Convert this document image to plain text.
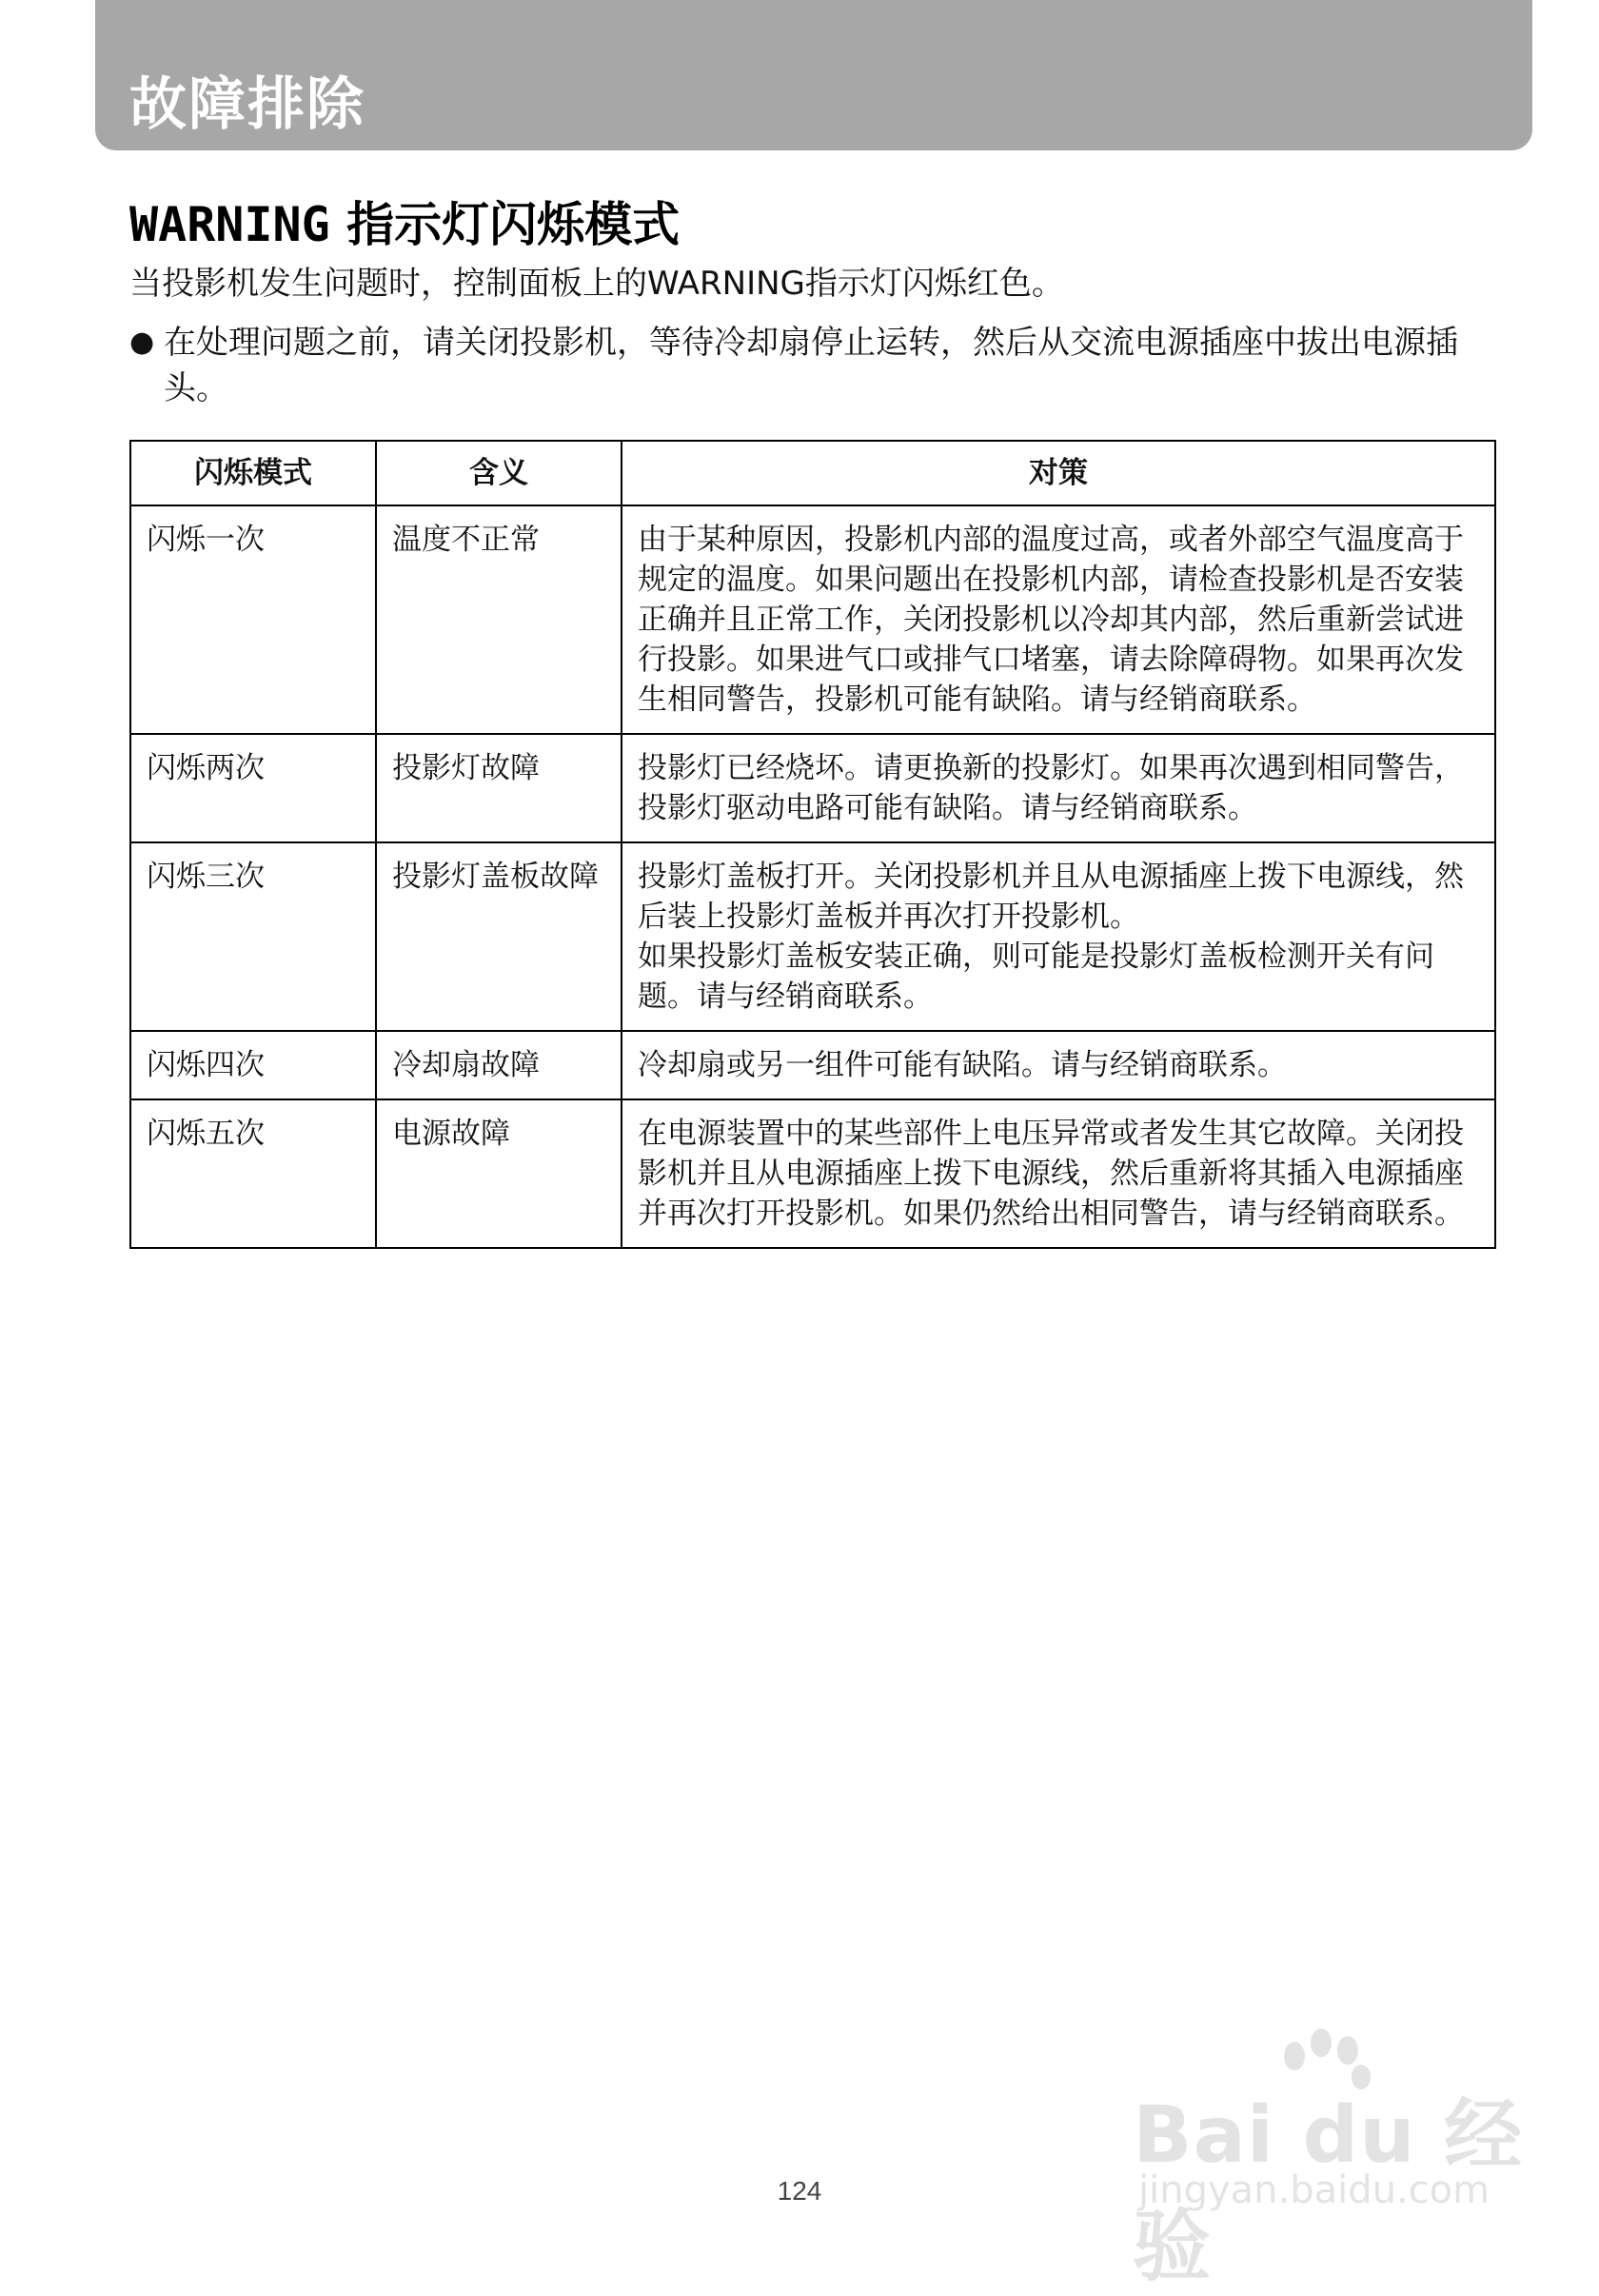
故障排除
WARNING 指示灯闪烁模式
当投影机发生问题时，控制面板上的WARNING指示灯闪烁红色。
● 在处理问题之前，请关闭投影机，等待冷却扇停止运转，然后从交流电源插座中拔出电源插头。
闪烁模式	含义	对策
闪烁一次	温度不正常	由于某种原因，投影机内部的温度过高，或者外部空气温度高于规定的温度。如果问题出在投影机内部，请检查投影机是否安装正确并且正常工作，关闭投影机以冷却其内部，然后重新尝试进行投影。如果进气口或排气口堵塞，请去除障碍物。如果再次发生相同警告，投影机可能有缺陷。请与经销商联系。

闪烁两次	投影灯故障	投影灯已经烧坏。请更换新的投影灯。如果再次遇到相同警告，投影灯驱动电路可能有缺陷。请与经销商联系。

闪烁三次	投影灯盖板故障	投影灯盖板打开。关闭投影机并且从电源插座上拨下电源线，然后装上投影灯盖板并再次打开投影机。
如果投影灯盖板安装正确，则可能是投影灯盖板检测开关有问题。请与经销商联系。

闪烁四次	冷却扇故障	冷却扇或另一组件可能有缺陷。请与经销商联系。

闪烁五次	电源故障	在电源装置中的某些部件上电压异常或者发生其它故障。关闭投影机并且从电源插座上拨下电源线，然后重新将其插入电源插座并再次打开投影机。如果仍然给出相同警告，请与经销商联系。
Bai du 经验
jingyan.baidu.com
124
